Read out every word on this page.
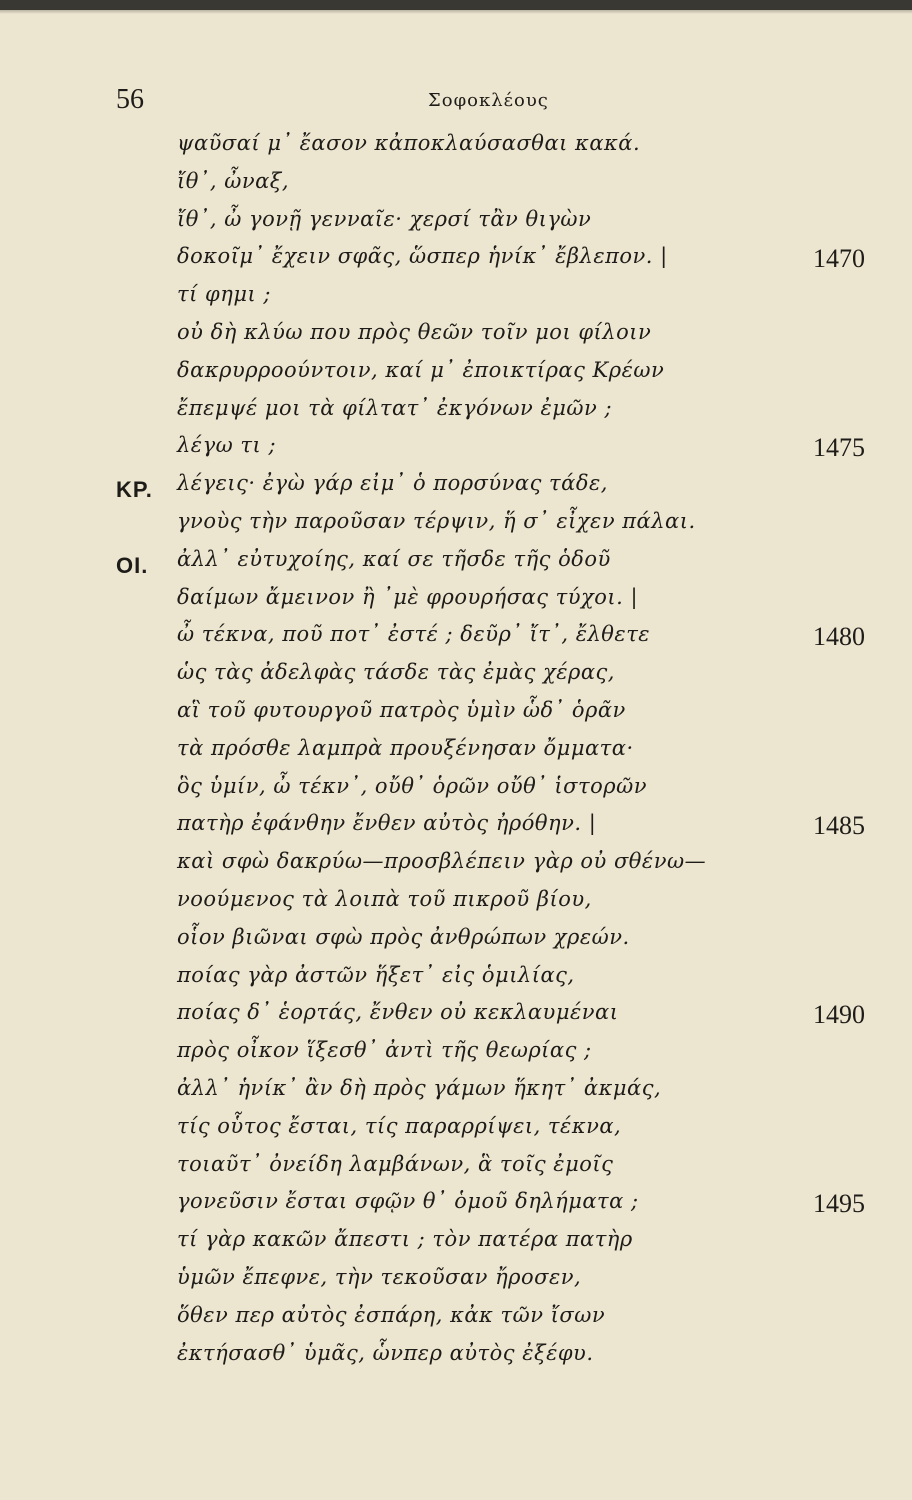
56	Σοφοκλέους
ψαῦσαί μ᾽ ἔασον κἀποκλαύσασθαι κακά.
ἴθ᾽, ὦναξ,
ἴθ᾽, ὦ γονῇ γενναῖε· χερσί τἂν θιγὼν
δοκοῖμ᾽ ἔχειν σφᾶς, ὥσπερ ἡνίκ᾽ ἔβλεπον. |	1470
τί φημι ;
οὐ δὴ κλύω που πρὸς θεῶν τοῖν μοι φίλοιν
δακρυρροούντοιν, καί μ᾽ ἐποικτίρας Κρέων
ἔπεμψέ μοι τὰ φίλτατ᾽ ἐκγόνων ἐμῶν ;
λέγω τι ;	1475
ΚΡ. λέγεις· ἐγὼ γάρ εἰμ᾽ ὁ πορσύνας τάδε,
γνοὺς τὴν παροῦσαν τέρψιν, ἥ σ᾽ εἶχεν πάλαι.
ΟΙ. ἀλλ᾽ εὐτυχοίης, καί σε τῆσδε τῆς ὁδοῦ
δαίμων ἄμεινον ἢ ᾽μὲ φρουρήσας τύχοι. |
ὦ τέκνα, ποῦ ποτ᾽ ἐστέ ; δεῦρ᾽ ἴτ᾽, ἔλθετε	1480
ὡς τὰς ἀδελφὰς τάσδε τὰς ἐμὰς χέρας,
αἳ τοῦ φυτουργοῦ πατρὸς ὑμὶν ὧδ᾽ ὁρᾶν
τὰ πρόσθε λαμπρὰ προυξένησαν ὄμματα·
ὃς ὑμίν, ὦ τέκν᾽, οὔθ᾽ ὁρῶν οὔθ᾽ ἱστορῶν
πατὴρ ἐφάνθην ἔνθεν αὐτὸς ἠρόθην. |	1485
καὶ σφὼ δακρύω—προσβλέπειν γὰρ οὐ σθένω—
νοούμενος τὰ λοιπὰ τοῦ πικροῦ βίου,
οἷον βιῶναι σφὼ πρὸς ἀνθρώπων χρεών.
ποίας γὰρ ἀστῶν ἥξετ᾽ εἰς ὁμιλίας,
ποίας δ᾽ ἑορτάς, ἔνθεν οὐ κεκλαυμέναι	1490
πρὸς οἶκον ἵξεσθ᾽ ἀντὶ τῆς θεωρίας ;
ἀλλ᾽ ἡνίκ᾽ ἂν δὴ πρὸς γάμων ἥκητ᾽ ἀκμάς,
τίς οὗτος ἔσται, τίς παραρρίψει, τέκνα,
τοιαῦτ᾽ ὀνείδη λαμβάνων, ἃ τοῖς ἐμοῖς
γονεῦσιν ἔσται σφῷν θ᾽ ὁμοῦ δηλήματα ;	1495
τί γὰρ κακῶν ἄπεστι ; τὸν πατέρα πατὴρ
ὑμῶν ἔπεφνε, τὴν τεκοῦσαν ἤροσεν,
ὅθεν περ αὐτὸς ἐσπάρη, κἀκ τῶν ἴσων
ἐκτήσασθ᾽ ὑμᾶς, ὧνπερ αὐτὸς ἐξέφυ.
